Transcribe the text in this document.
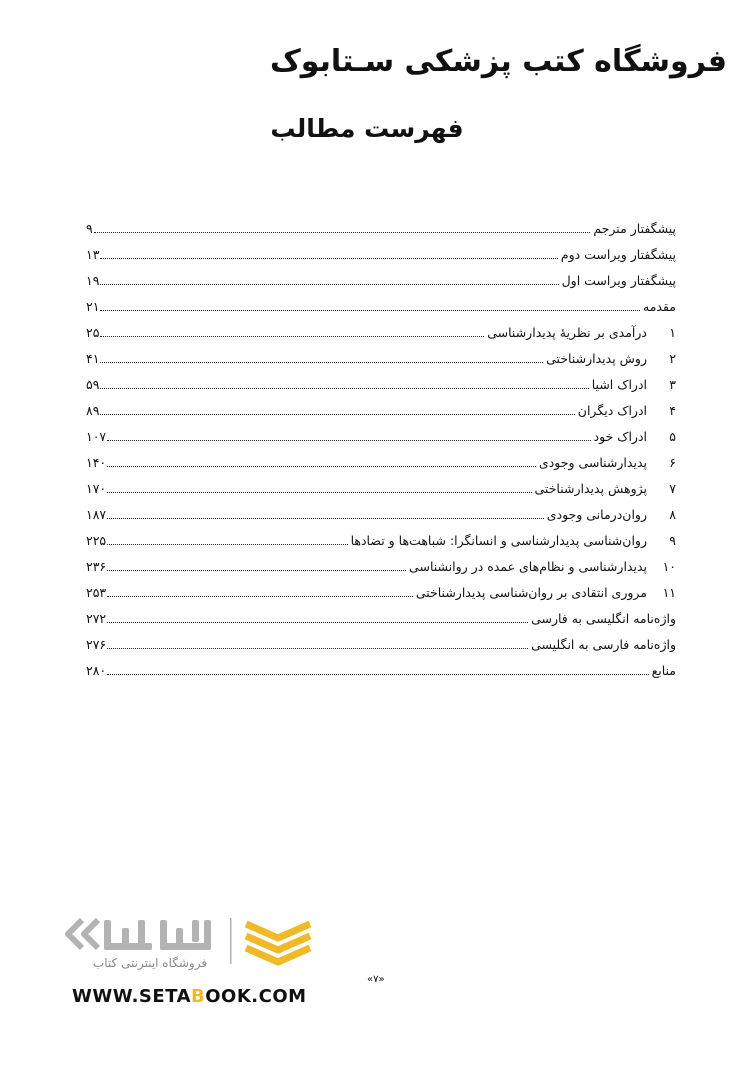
فروشگاه کتب پزشکی سـتابوک
فهرست مطالب
پیشگفتار مترجم
۹
پیشگفتار ویراست دوم
۱۳
پیشگفتار ویراست اول
۱۹
مقدمه
۲۱
۱
درآمدی بر نظریهٔ پدیدارشناسی
۲۵
۲
روش پدیدارشناختی
۴۱
۳
ادراک اشیا
۵۹
۴
ادراک دیگران
۸۹
۵
ادراک خود
۱۰۷
۶
پدیدارشناسی وجودی
۱۴۰
۷
پژوهش پدیدارشناختی
۱۷۰
۸
روان‌درمانی وجودی
۱۸۷
۹
روان‌شناسی پدیدارشناسی و انسانگرا: شباهت‌ها و تضادها
۲۲۵
۱۰
پدیدارشناسی و نظام‌های عمده در روانشناسی
۲۳۶
۱۱
مروری انتقادی بر روان‌شناسی پدیدارشناختی
۲۵۳
واژه‌نامه انگلیسی به فارسی
۲۷۲
واژه‌نامه فارسی به انگلیسی
۲۷۶
منابع
۲۸۰
فروشگاه اینترنتی کتاب
«۷»
WWW.SETABOOK.COM
